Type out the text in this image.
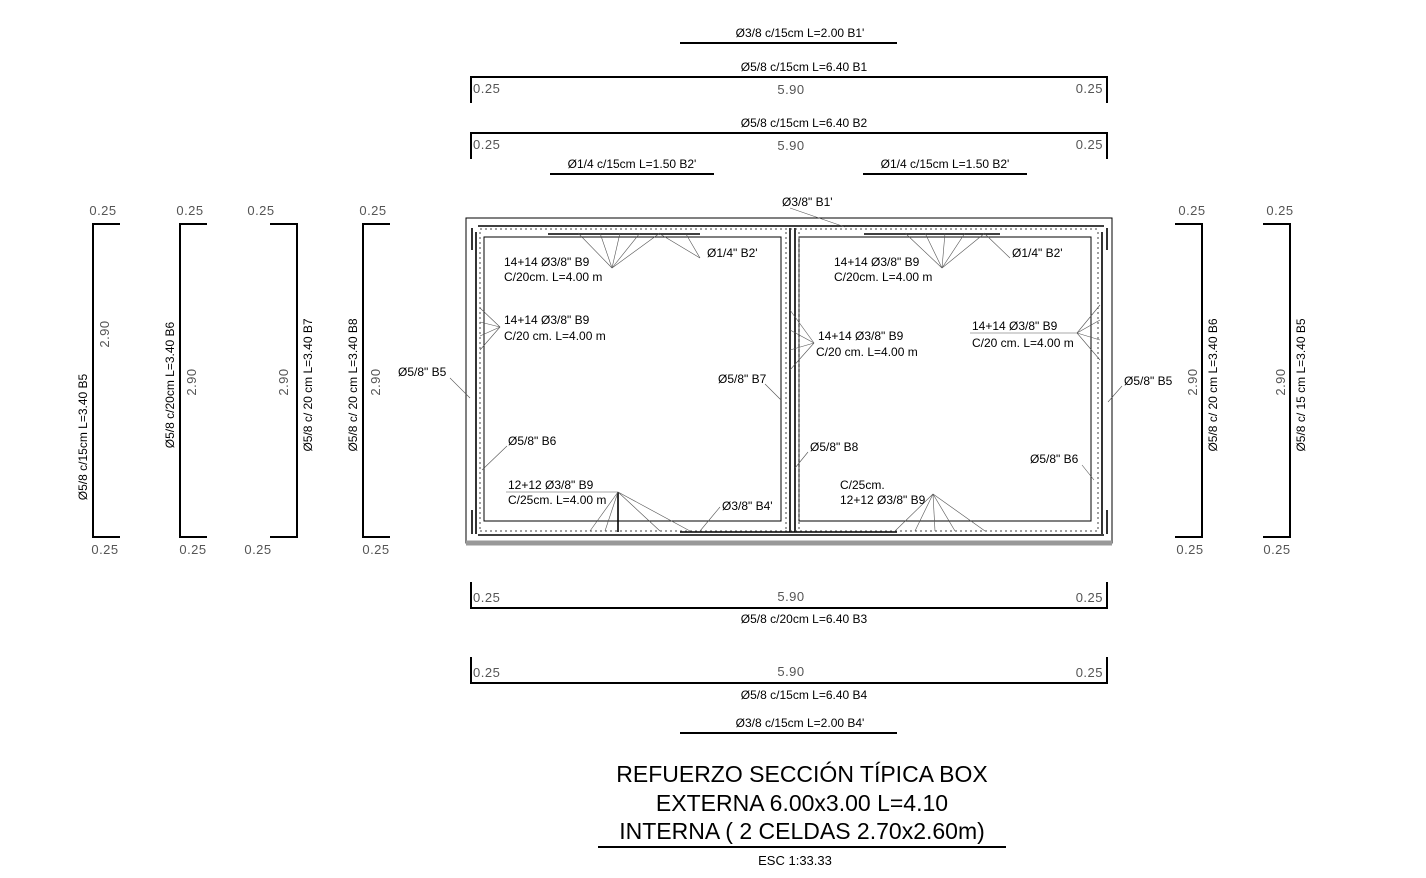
Ø3/8 c/15cm L=2.00 B1'
Ø5/8 c/15cm L=6.40 B1
0.25	5.90	0.25
Ø5/8 c/15cm L=6.40 B2
0.25	5.90	0.25
Ø1/4 c/15cm L=1.50 B2'	Ø1/4 c/15cm L=1.50 B2'
0.25
0.25
2.90
Ø5/8 c/15cm L=3.40 B5
0.25
0.25
2.90
Ø5/8 c/20cm L=3.40 B6
0.25
0.25
2.90 Ø5/8 c/ 20 cm L=3.40 B7
0.25
0.25
2.90
Ø5/8 c/ 20 cm L=3.40 B8
0.25
0.25
2.90 Ø5/8 c/ 20 cm L=3.40 B6
0.25
0.25
2.90 Ø5/8 c/ 15 cm L=3.40 B5
Ø3/8" B1'
Ø1/4" B2'	Ø1/4" B2'
14+14 Ø3/8" B9
C/20cm. L=4.00 m
14+14 Ø3/8" B9
C/20cm. L=4.00 m
14+14 Ø3/8" B9
C/20 cm. L=4.00 m	14+14 Ø3/8" B9
C/20 cm. L=4.00 m
14+14 Ø3/8" B9
C/20 cm. L=4.00 m
Ø5/8" B5
Ø5/8" B5
Ø5/8" B7
Ø5/8" B6
Ø5/8" B6
Ø5/8" B8
12+12 Ø3/8" B9
C/25cm. L=4.00 m
C/25cm.
12+12 Ø3/8" B9
Ø3/8" B4'
0.25	5.90	0.25
Ø5/8 c/20cm L=6.40 B3
0.25	5.90	0.25
Ø5/8 c/15cm L=6.40 B4
Ø3/8 c/15cm L=2.00 B4'
REFUERZO SECCIÓN TÍPICA BOX
EXTERNA 6.00x3.00 L=4.10
INTERNA ( 2 CELDAS 2.70x2.60m)
ESC 1:33.33
